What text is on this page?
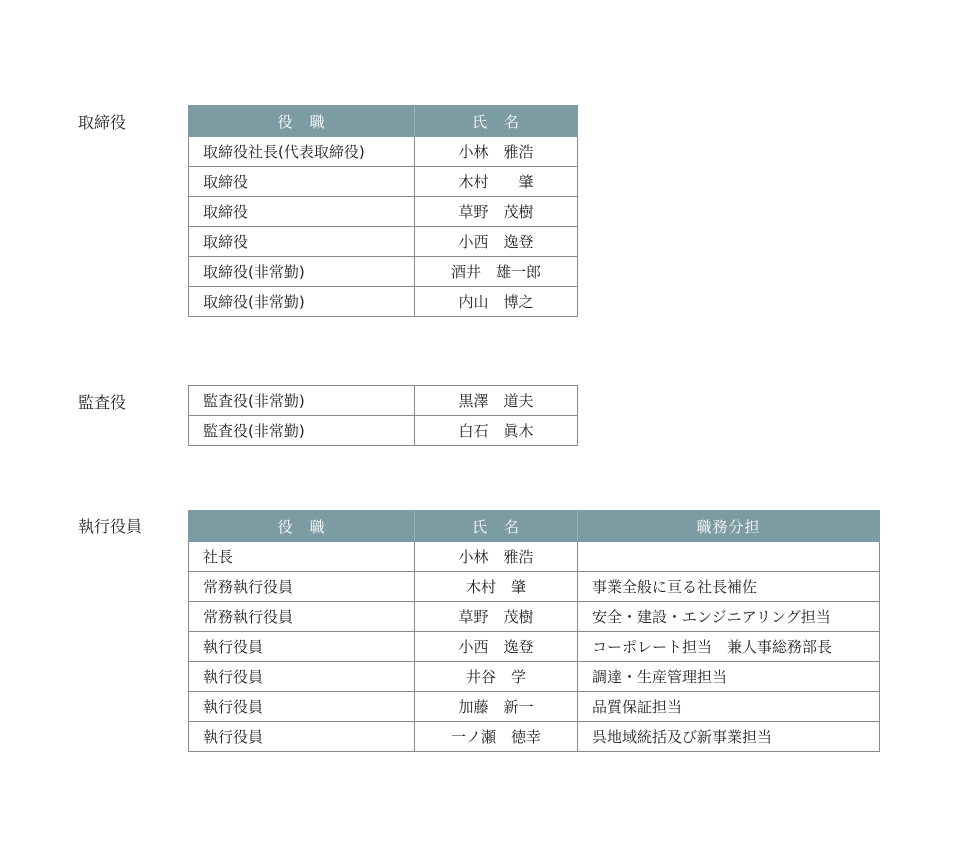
取締役	役　職	氏　名
取締役社長(代表取締役)	小林　雅浩
取締役	木村　　肇
取締役	草野　茂樹
取締役	小西　逸登
取締役(非常勤)	酒井　雄一郎
取締役(非常勤)	内山　博之
監査役	監査役(非常勤)	黒澤　道夫
監査役(非常勤)	白石　眞木
執行役員	役　職	氏　名	職務分担
社長	小林　雅浩	
常務執行役員	木村　肇	事業全般に亘る社長補佐
常務執行役員	草野　茂樹	安全・建設・エンジニアリング担当
執行役員	小西　逸登	コーポレート担当　兼人事総務部長
執行役員	井谷　学	調達・生産管理担当
執行役員	加藤　新一	品質保証担当
執行役員	一ノ瀬　徳幸	呉地域統括及び新事業担当
